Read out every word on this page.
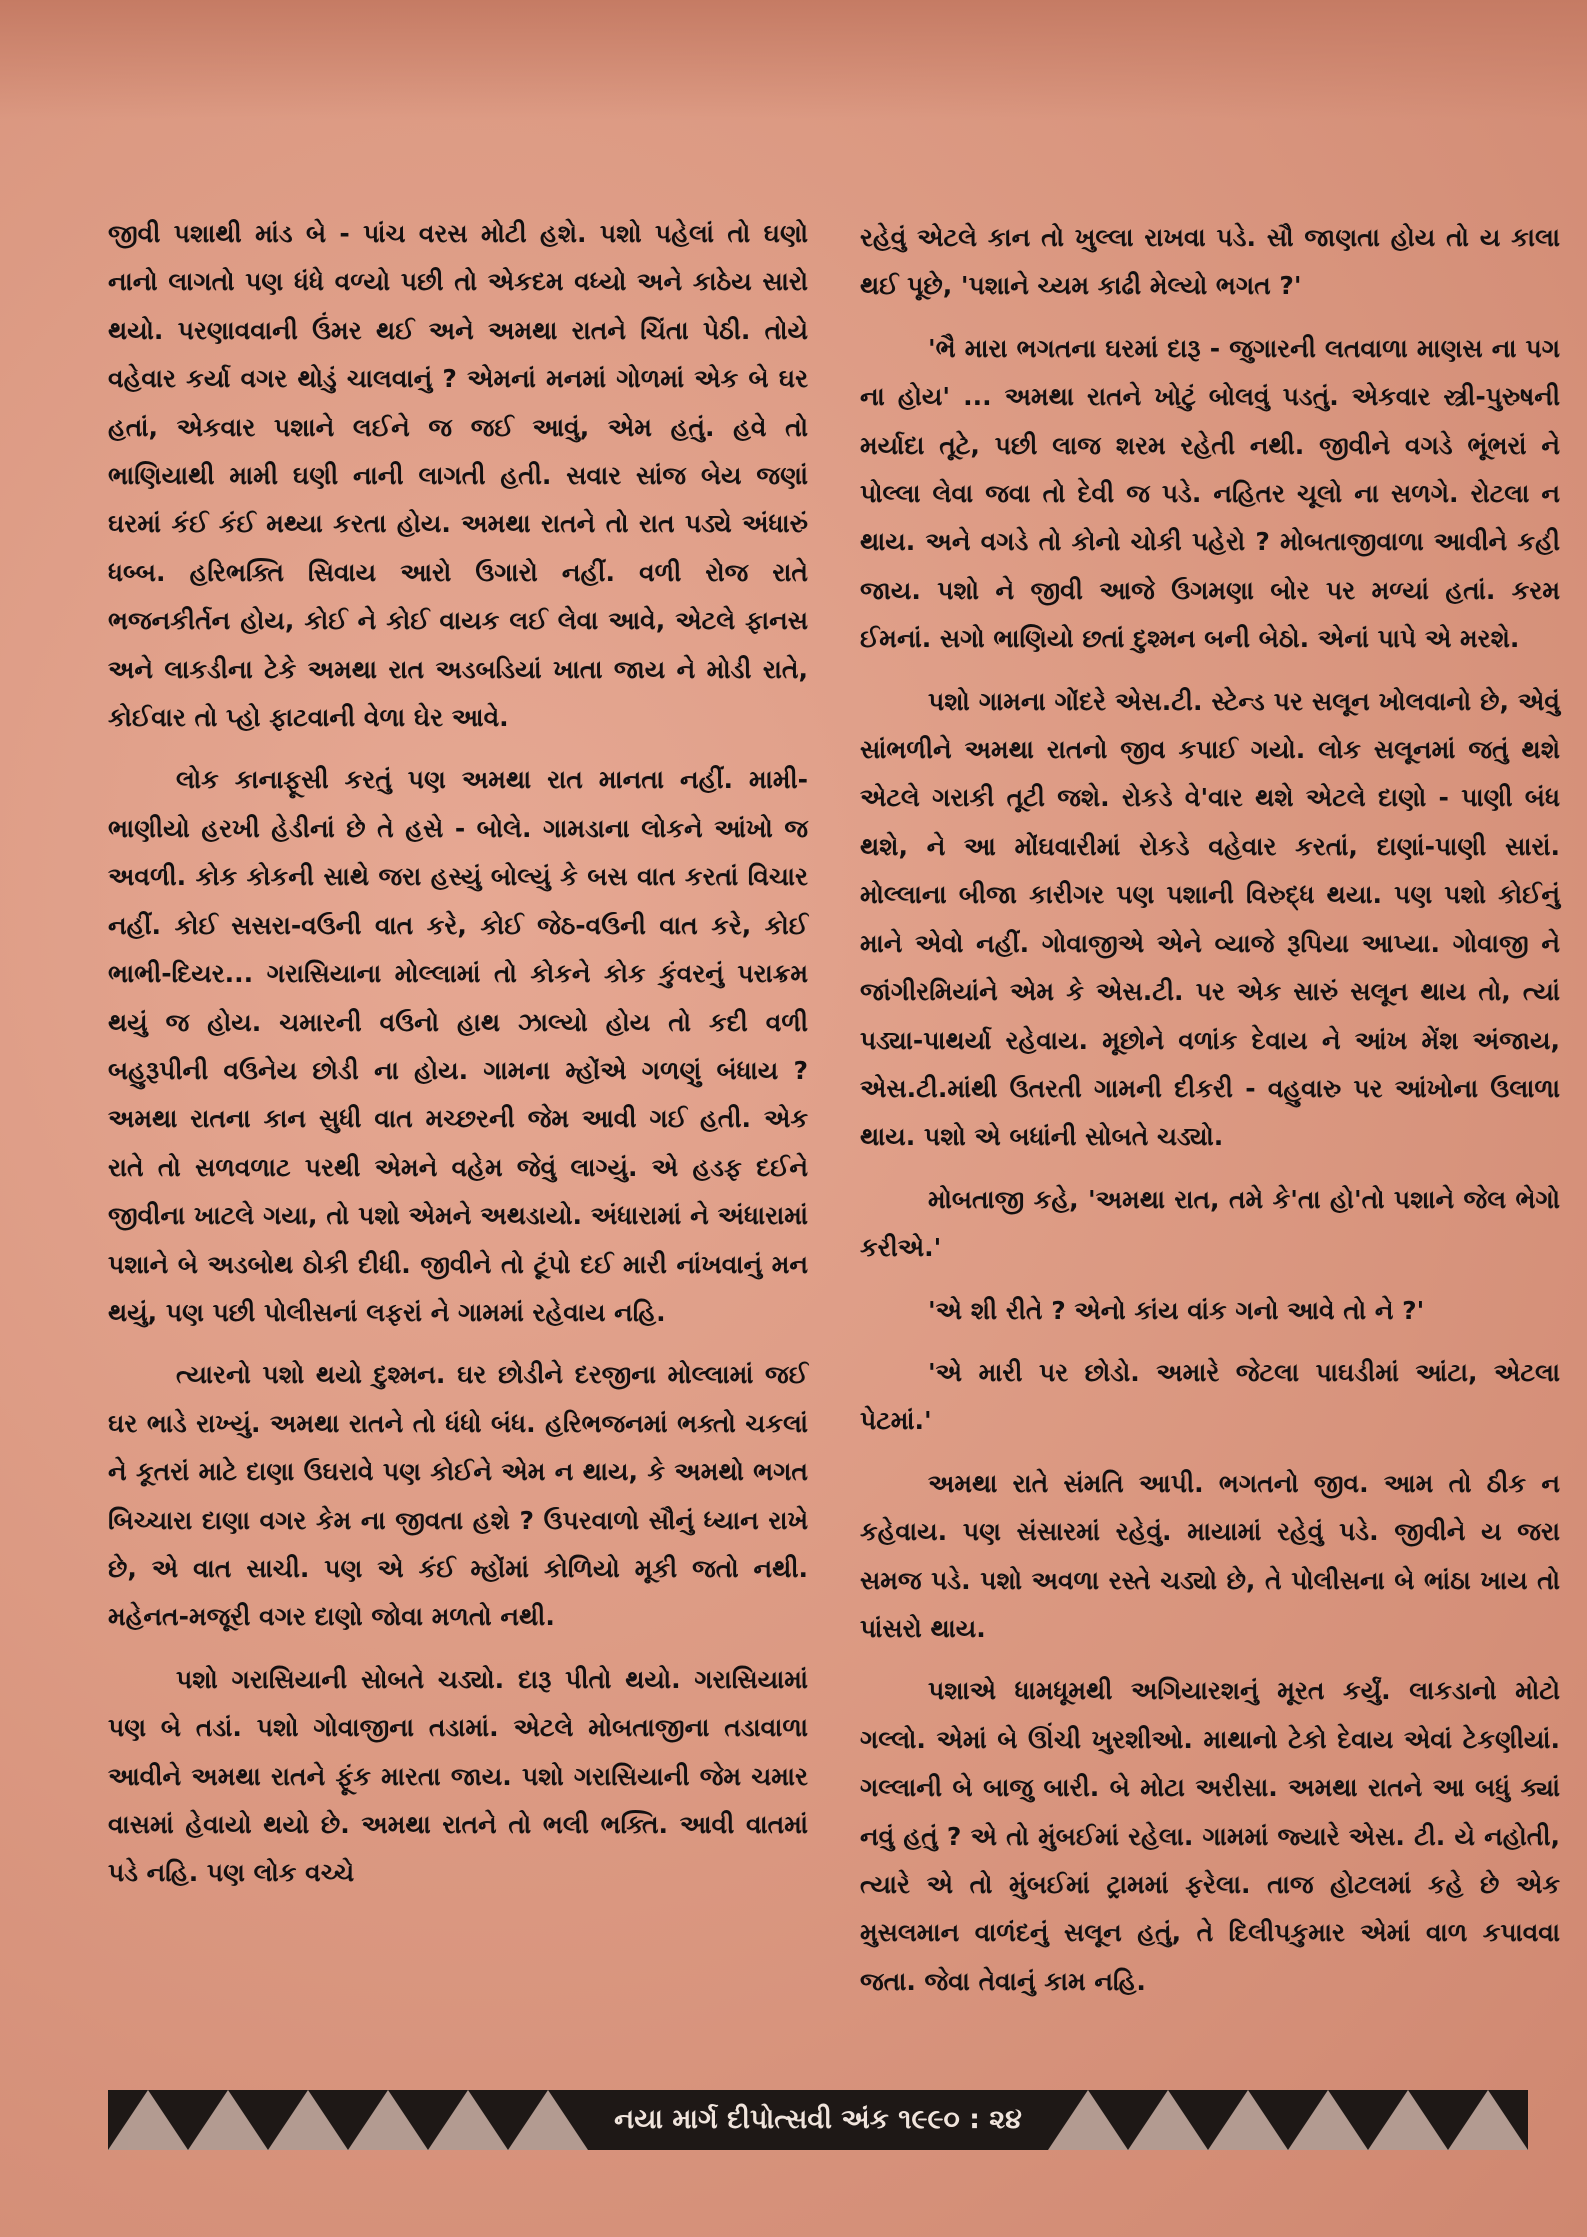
જીવી પશાથી માંડ બે - પાંચ વરસ મોટી હશે. પશો પહેલાં તો ઘણો નાનો લાગતો પણ ધંધે વળ્યો પછી તો એકદમ વધ્યો અને કાઠેય સારો થયો. પરણાવવાની ઉંમર થઈ અને અમથા રાતને ચિંતા પેઠી. તોયે વહેવાર કર્યા વગર થોડું ચાલવાનું ? એમનાં મનમાં ગોળમાં એક બે ઘર હતાં, એકવાર પશાને લઈને જ જઈ આવું, એમ હતું. હવે તો ભાણિયાથી મામી ઘણી નાની લાગતી હતી. સવાર સાંજ બેય જણાં ઘરમાં કંઈ કંઈ મથ્યા કરતા હોય. અમથા રાતને તો રાત પડ્યે અંધારું ધબ્બ. હરિભક્તિ સિવાય આરો ઉગારો નહીં. વળી રોજ રાતે ભજનકીર્તન હોય, કોઈ ને કોઈ વાયક લઈ લેવા આવે, એટલે ફાનસ અને લાકડીના ટેકે અમથા રાત અડબડિયાં ખાતા જાય ને મોડી રાતે, કોઈવાર તો પ્હો ફાટવાની વેળા ઘેર આવે.

લોક કાનાફૂસી કરતું પણ અમથા રાત માનતા નહીં. મામી-ભાણીયો હરખી હેડીનાં છે તે હસે - બોલે. ગામડાના લોકને આંખો જ અવળી. કોક કોકની સાથે જરા હસ્યું બોલ્યું કે બસ વાત કરતાં વિચાર નહીં. કોઈ સસરા-વઉની વાત કરે, કોઈ જેઠ-વઉની વાત કરે, કોઈ ભાભી-દિયર... ગરાસિયાના મોલ્લામાં તો કોકને કોક કુંવરનું પરાક્રમ થયું જ હોય. ચમારની વઉનો હાથ ઝાલ્યો હોય તો કદી વળી બહુરૂપીની વઉનેય છોડી ના હોય. ગામના મ્હોંએ ગળણું બંધાય ? અમથા રાતના કાન સુધી વાત મચ્છરની જેમ આવી ગઈ હતી. એક રાતે તો સળવળાટ પરથી એમને વહેમ જેવું લાગ્યું. એ હડફ દઈને જીવીના ખાટલે ગયા, તો પશો એમને અથડાયો. અંધારામાં ને અંધારામાં પશાને બે અડબોથ ઠોકી દીધી. જીવીને તો ટૂંપો દઈ મારી નાંખવાનું મન થયું, પણ પછી પોલીસનાં લફરાં ને ગામમાં રહેવાય નહિ.

ત્યારનો પશો થયો દુશ્મન. ઘર છોડીને દરજીના મોલ્લામાં જઈ ઘર ભાડે રાખ્યું. અમથા રાતને તો ધંધો બંધ. હરિભજનમાં ભક્તો ચકલાં ને કૂતરાં માટે દાણા ઉઘરાવે પણ કોઈને એમ ન થાય, કે અમથો ભગત બિચ્ચારા દાણા વગર કેમ ના જીવતા હશે ? ઉપરવાળો સૌનું ધ્યાન રાખે છે, એ વાત સાચી. પણ એ કંઈ મ્હોંમાં કોળિયો મૂકી જતો નથી. મહેનત-મજૂરી વગર દાણો જોવા મળતો નથી.

પશો ગરાસિયાની સોબતે ચડ્યો. દારૂ પીતો થયો. ગરાસિયામાં પણ બે તડાં. પશો ગોવાજીના તડામાં. એટલે મોબતાજીના તડાવાળા આવીને અમથા રાતને ફૂંક મારતા જાય. પશો ગરાસિયાની જેમ ચમાર વાસમાં હેવાયો થયો છે. અમથા રાતને તો ભલી ભક્તિ. આવી વાતમાં પડે નહિ. પણ લોક વચ્ચે

રહેવું એટલે કાન તો ખુલ્લા રાખવા પડે. સૌ જાણતા હોય તો ય કાલા થઈ પૂછે, 'પશાને ચ્યમ કાઢી મેલ્યો ભગત ?'

'ભૈ મારા ભગતના ઘરમાં દારૂ - જુગારની લતવાળા માણસ ના પગ ના હોય' ... અમથા રાતને ખોટું બોલવું પડતું. એકવાર સ્ત્રી-પુરુષની મર્યાદા તૂટે, પછી લાજ શરમ રહેતી નથી. જીવીને વગડે ભૂંભરાં ને પોલ્લા લેવા જવા તો દેવી જ પડે. નહિતર ચૂલો ના સળગે. રોટલા ન થાય. અને વગડે તો કોનો ચોકી પહેરો ? મોબતાજીવાળા આવીને કહી જાય. પશો ને જીવી આજે ઉગમણા બોર પર મળ્યાં હતાં. કરમ ઈમનાં. સગો ભાણિયો છતાં દુશ્મન બની બેઠો. એનાં પાપે એ મરશે.

પશો ગામના ગોંદરે એસ.ટી. સ્ટેન્ડ પર સલૂન ખોલવાનો છે, એવું સાંભળીને અમથા રાતનો જીવ કપાઈ ગયો. લોક સલૂનમાં જતું થશે એટલે ગરાકી તૂટી જશે. રોકડે વે'વાર થશે એટલે દાણો - પાણી બંધ થશે, ને આ મોંઘવારીમાં રોકડે વહેવાર કરતાં, દાણાં-પાણી સારાં. મોલ્લાના બીજા કારીગર પણ પશાની વિરુદ્ધ થયા. પણ પશો કોઈનું માને એવો નહીં. ગોવાજીએ એને વ્યાજે રૂપિયા આપ્યા. ગોવાજી ને જાંગીરમિયાંને એમ કે એસ.ટી. પર એક સારું સલૂન થાય તો, ત્યાં પડ્યા-પાથર્યા રહેવાય. મૂછોને વળાંક દેવાય ને આંખ મેંશ અંજાય, એસ.ટી.માંથી ઉતરતી ગામની દીકરી - વહુવારુ પર આંખોના ઉલાળા થાય. પશો એ બધાંની સોબતે ચડ્યો.

મોબતાજી કહે, 'અમથા રાત, તમે કે'તા હો'તો પશાને જેલ ભેગો કરીએ.'

'એ શી રીતે ? એનો કાંય વાંક ગનો આવે તો ને ?'

'એ મારી પર છોડો. અમારે જેટલા પાઘડીમાં આંટા, એટલા પેટમાં.'

અમથા રાતે સંમતિ આપી. ભગતનો જીવ. આમ તો ઠીક ન કહેવાય. પણ સંસારમાં રહેવું. માયામાં રહેવું પડે. જીવીને ય જરા સમજ પડે. પશો અવળા રસ્તે ચડ્યો છે, તે પોલીસના બે ભાંઠા ખાય તો પાંસરો થાય.

પશાએ ધામધૂમથી અગિયારશનું મૂરત કર્યું. લાકડાનો મોટો ગલ્લો. એમાં બે ઊંચી ખુરશીઓ. માથાનો ટેકો દેવાય એવાં ટેકણીયાં. ગલ્લાની બે બાજુ બારી. બે મોટા અરીસા. અમથા રાતને આ બધું ક્યાં નવું હતું ? એ તો મુંબઈમાં રહેલા. ગામમાં જ્યારે એસ. ટી. યે નહોતી, ત્યારે એ તો મુંબઈમાં ટ્રામમાં ફરેલા. તાજ હોટલમાં કહે છે એક મુસલમાન વાળંદનું સલૂન હતું, તે દિલીપકુમાર એમાં વાળ કપાવવા જતા. જેવા તેવાનું કામ નહિ.

નયા માર્ગ દીપોત્સવી અંક ૧૯૯૦ : ૨૪
